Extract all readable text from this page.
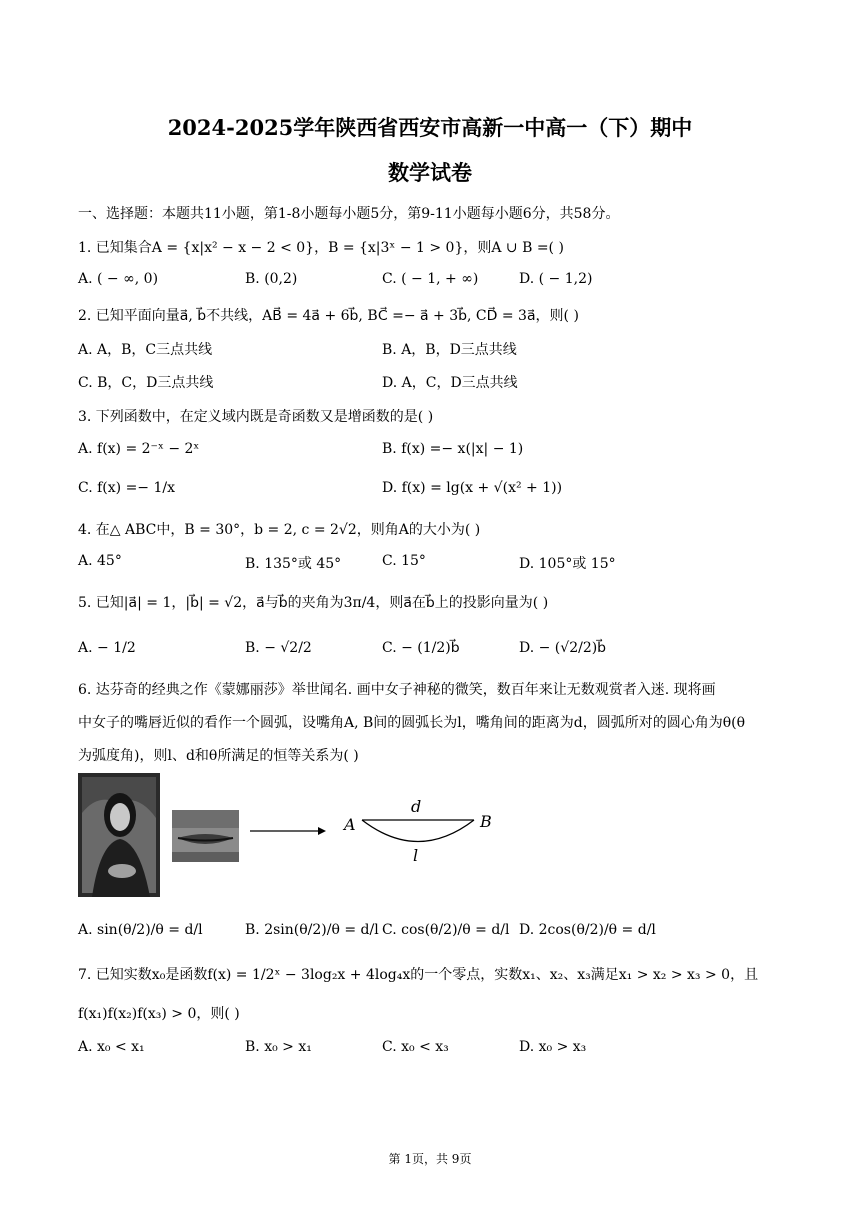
2024-2025学年陕西省西安市高新一中高一（下）期中
数学试卷
一、选择题：本题共11小题，第1-8小题每小题5分，第9-11小题每小题6分，共58分。
1. 已知集合A = {x|x² − x − 2 < 0}，B = {x|3ˣ − 1 > 0}，则A ∪ B =( )
A. ( − ∞, 0)	B. (0,2)	C. ( − 1, + ∞)	D. ( − 1,2)
2. 已知平面向量a⃗, b⃗不共线，AB⃗ = 4a⃗ + 6b⃗, BC⃗ =− a⃗ + 3b⃗, CD⃗ = 3a⃗，则( )
A. A，B，C三点共线	B. A，B，D三点共线
C. B，C，D三点共线	D. A，C，D三点共线
3. 下列函数中，在定义域内既是奇函数又是增函数的是( )
A. f(x) = 2⁻ˣ − 2ˣ	B. f(x) =− x(|x| − 1)
C. f(x) =− 1/x	D. f(x) = lg(x + √(x² + 1))
4. 在△ ABC中，B = 30°，b = 2, c = 2√2，则角A的大小为( )
A. 45°	B. 135°或 45°	C. 15°	D. 105°或 15°
5. 已知|a⃗| = 1，|b⃗| = √2，a⃗与b⃗的夹角为3π/4，则a⃗在b⃗上的投影向量为( )
A. − 1/2	B. − √2/2	C. − (1/2)b⃗	D. − (√2/2)b⃗
6. 达芬奇的经典之作《蒙娜丽莎》举世闻名. 画中女子神秘的微笑，数百年来让无数观赏者入迷. 现将画
中女子的嘴唇近似的看作一个圆弧，设嘴角A, B间的圆弧长为l，嘴角间的距离为d，圆弧所对的圆心角为θ(θ
为弧度角)，则l、d和θ所满足的恒等关系为( )
A	B
d
l
A. sin(θ/2)/θ = d/l	B. 2sin(θ/2)/θ = d/l C. cos(θ/2)/θ = d/l D. 2cos(θ/2)/θ = d/l
7. 已知实数x₀是函数f(x) = 1/2ˣ − 3log₂x + 4log₄x的一个零点，实数x₁、x₂、x₃满足x₁ > x₂ > x₃ > 0，且
f(x₁)f(x₂)f(x₃) > 0，则( )
A. x₀ < x₁	B. x₀ > x₁	C. x₀ < x₃	D. x₀ > x₃
第 1页，共 9页
